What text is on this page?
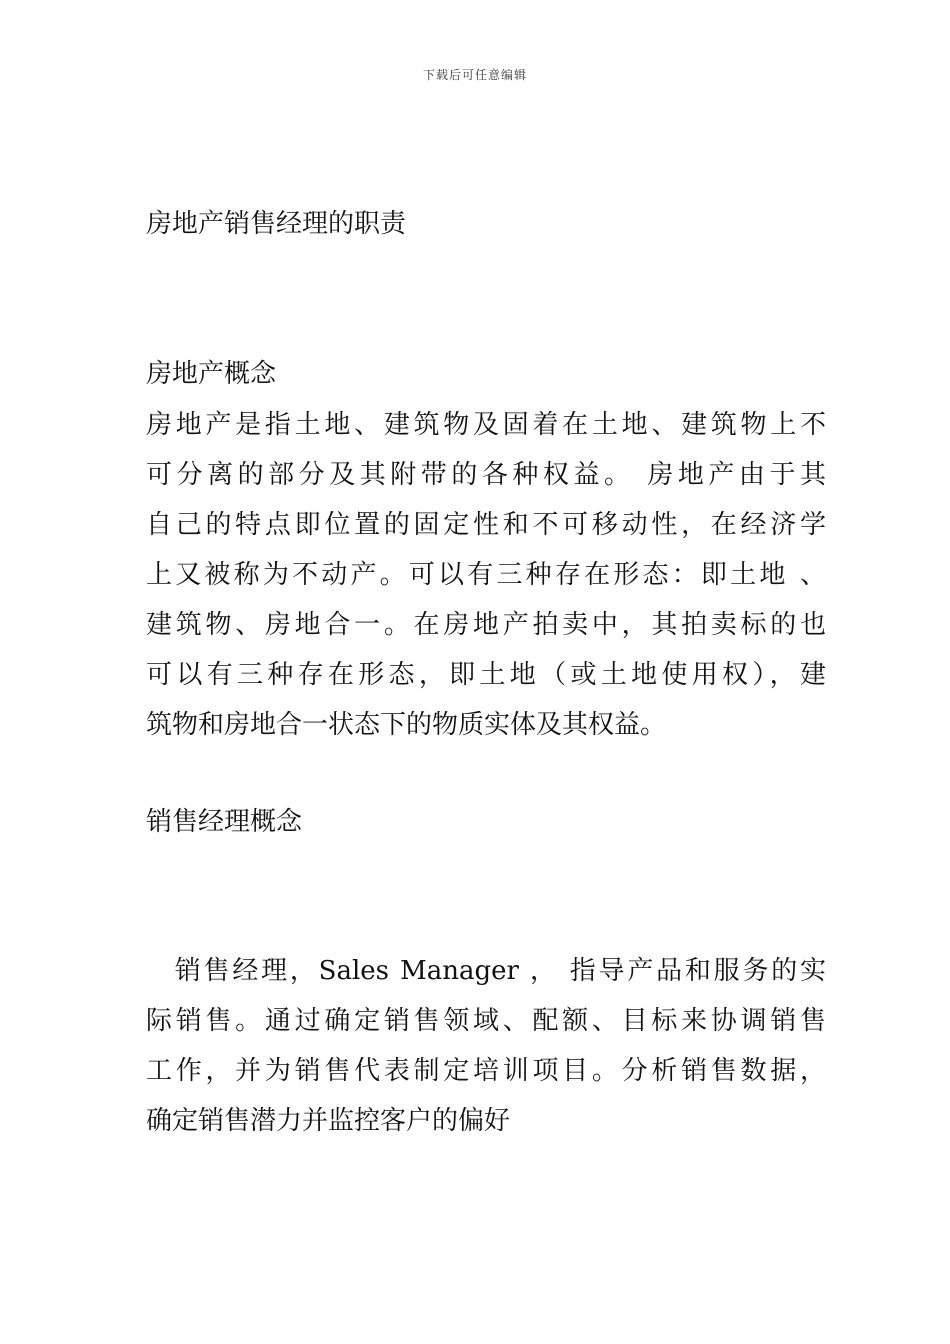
下载后可任意编辑
房地产销售经理的职责
房地产概念
房地产是指土地、建筑物及固着在土地、建筑物上不
可分离的部分及其附带的各种权益。 房地产由于其
自己的特点即位置的固定性和不可移动性，在经济学
上又被称为不动产。可以有三种存在形态：即土地 、
建筑物、房地合一。在房地产拍卖中，其拍卖标的也
可以有三种存在形态，即土地（或土地使用权），建
筑物和房地合一状态下的物质实体及其权益。
销售经理概念
　销售经理，Sales Manager ， 指导产品和服务的实
际销售。通过确定销售领域、配额、目标来协调销售
工作，并为销售代表制定培训项目。分析销售数据，
确定销售潜力并监控客户的偏好
